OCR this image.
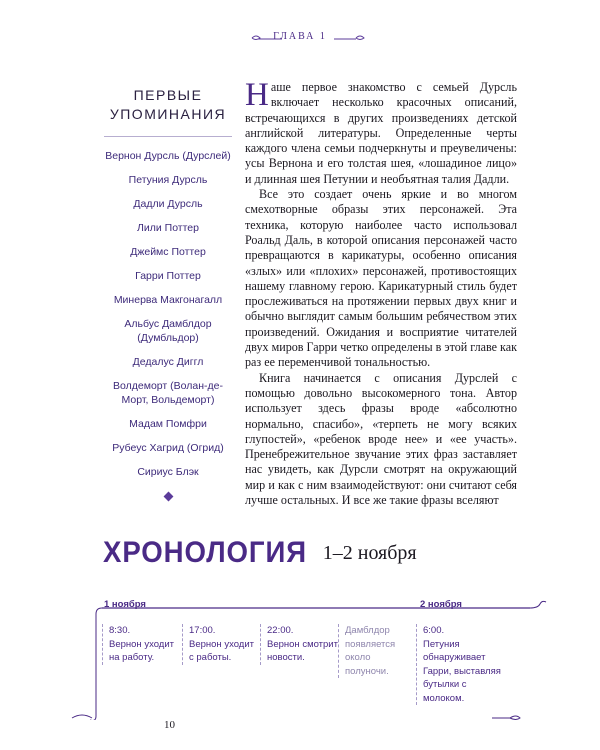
ГЛАВА 1
ПЕРВЫЕ УПОМИНАНИЯ
Вернон Дурсль (Дурслей)
Петуния Дурсль
Дадли Дурсль
Лили Поттер
Джеймс Поттер
Гарри Поттер
Минерва Макгонагалл
Альбус Дамблдор (Думбльдор)
Дедалус Диггл
Волдеморт (Волан-де-Морт, Вольдеморт)
Мадам Помфри
Рубеус Хагрид (Огрид)
Сириус Блэк

Наше первое знакомство с семьей Дурсль включает несколько красочных описаний, встречающихся в других произведениях детской английской литературы. Определенные черты каждого члена семьи подчеркнуты и преувеличены: усы Вернона и его толстая шея, «лошадиное лицо» и длинная шея Петунии и необъятная талия Дадли.

Все это создает очень яркие и во многом смехотворные образы этих персонажей. Эта техника, которую наиболее часто использовал Роальд Даль, в которой описания персонажей часто превращаются в карикатуры, особенно описания «злых» или «плохих» персонажей, противостоящих нашему главному герою. Карикатурный стиль будет прослеживаться на протяжении первых двух книг и обычно выглядит самым большим ребячеством этих произведений. Ожидания и восприятие читателей двух миров Гарри четко определены в этой главе как раз ее переменчивой тональностью.

Книга начинается с описания Дурслей с помощью довольно высокомерного тона. Автор использует здесь фразы вроде «абсолютно нормально, спасибо», «терпеть не могу всяких глупостей», «ребенок вроде нее» и «ее участь». Пренебрежительное звучание этих фраз заставляет нас увидеть, как Дурсли смотрят на окружающий мир и как с ним взаимодействуют: они считают себя лучше остальных. И все же такие фразы вселяют

ХРОНОЛОГИЯ 1–2 ноября
1 ноября	2 ноября
8:30.
Вернон уходит на работу.
17:00.
Вернон уходит с работы.
22:00.
Вернон смотрит новости.
Дамблдор появляется около полуночи.
6:00.
Петуния обнаруживает Гарри, выставляя бутылки с молоком.
10
